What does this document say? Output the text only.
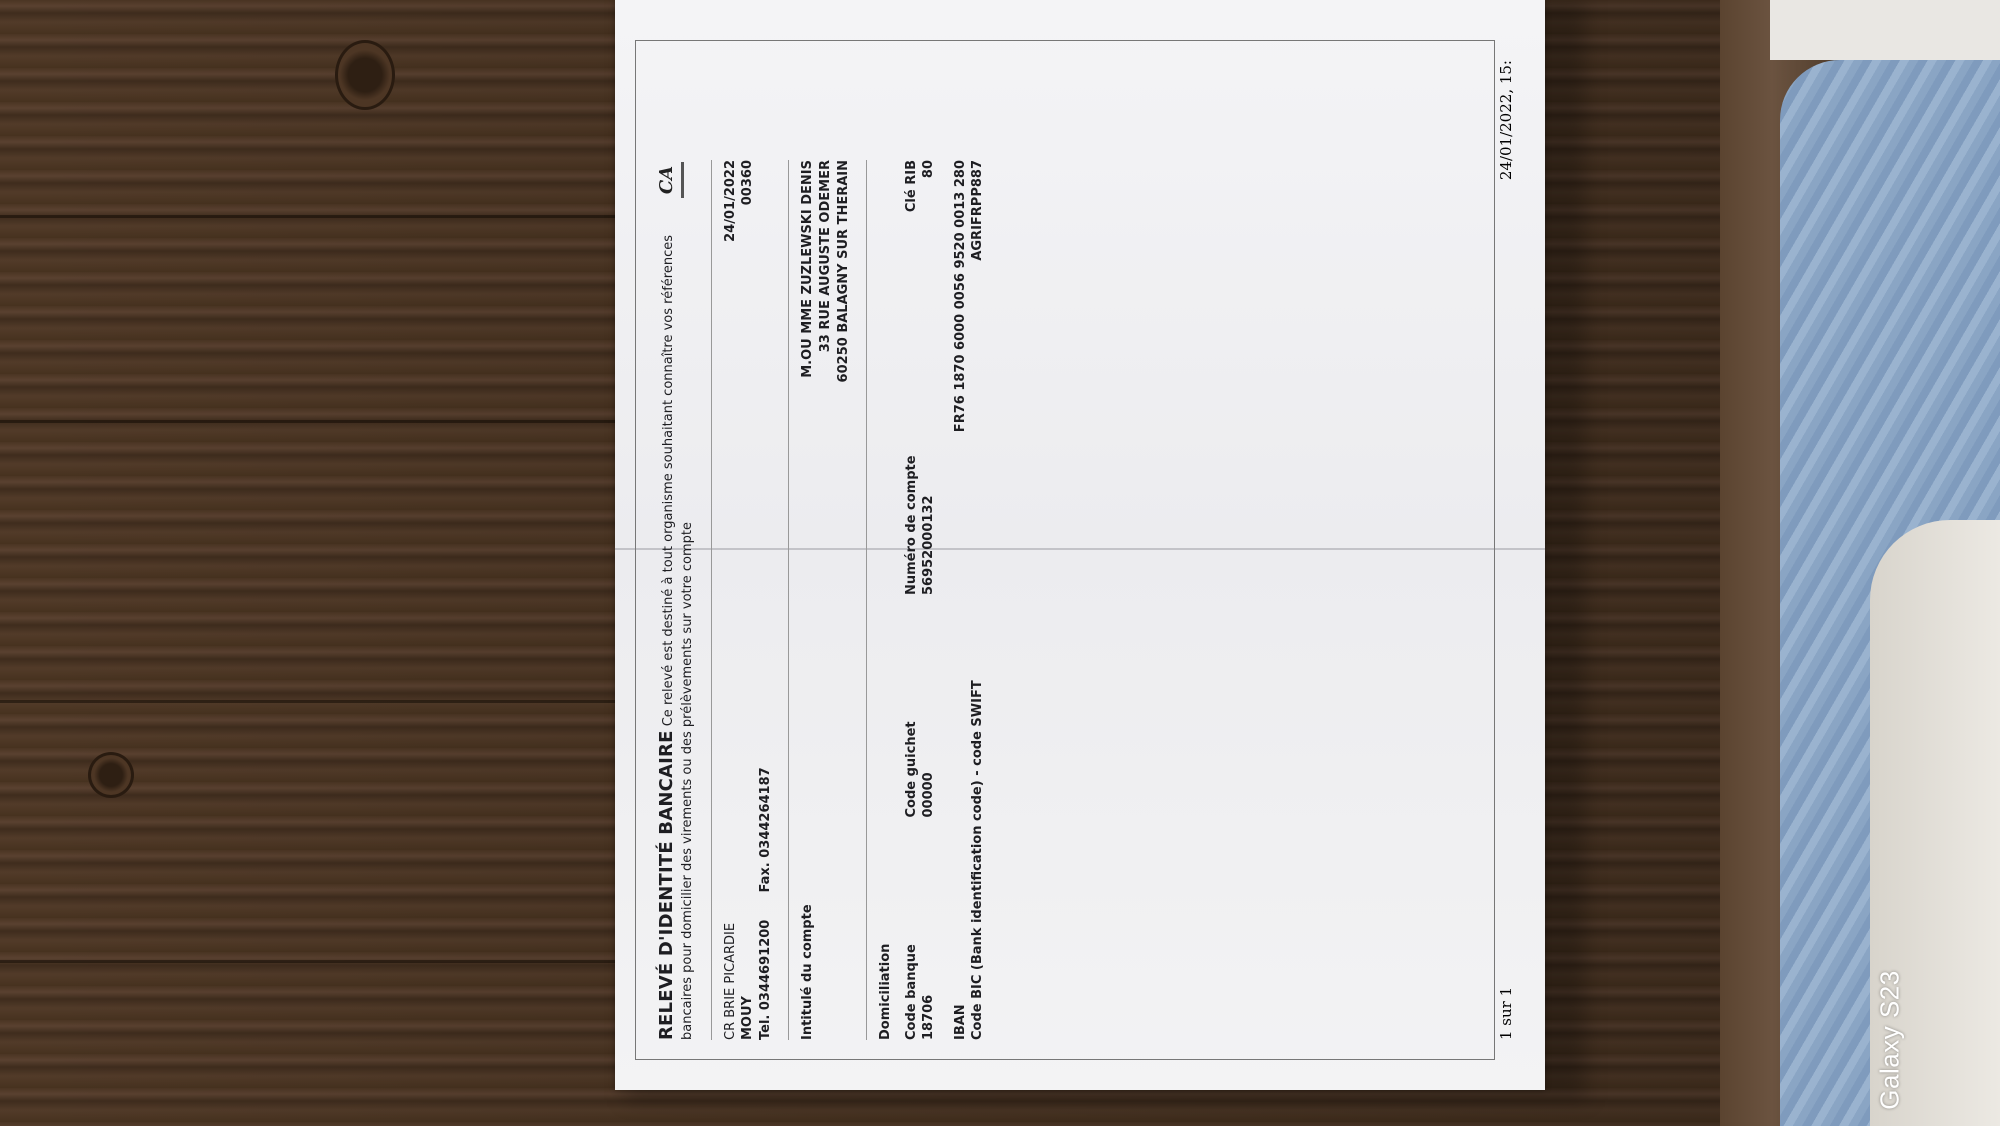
RELEVÉ D'IDENTITÉ BANCAIRE Ce relevé est destiné à tout organisme souhaitant connaître vos références bancaires pour domicilier des virements ou des prélèvements sur votre compte
CA
CR BRIE PICARDIE MOUY Tel. 0344691200      Fax. 0344264187
24/01/2022 00360
Intitulé du compte
M.OU MME ZUZLEWSKI DENIS 33 RUE AUGUSTE ODEMER 60250 BALAGNY SUR THERAIN
Domiciliation Code banque 18706
Code guichet 00000
Numéro de compte 56952000132
Clé RIB 80
IBAN Code BIC (Bank identification code) - code SWIFT
FR76 1870 6000 0056 9520 0013 280 AGRIFRPP887
1 sur 1
24/01/2022, 15:
Galaxy S23
